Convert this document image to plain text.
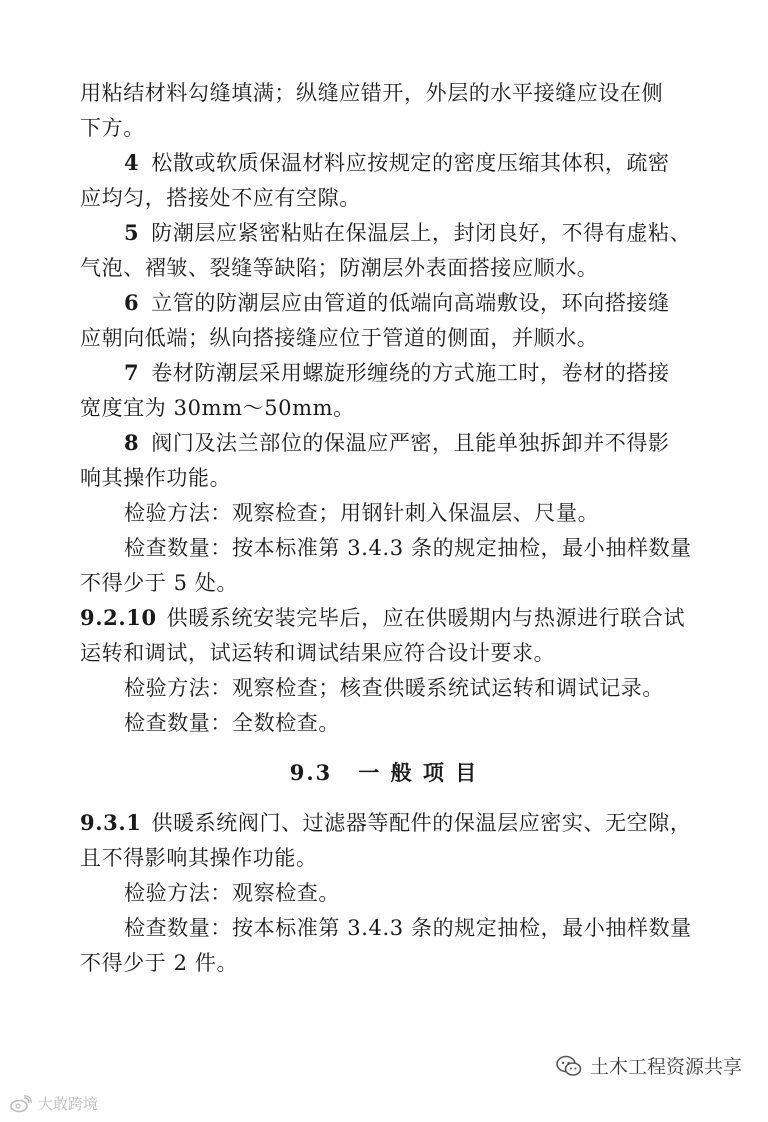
用粘结材料勾缝填满；纵缝应错开，外层的水平接缝应设在侧
下方。
4 松散或软质保温材料应按规定的密度压缩其体积，疏密
应均匀，搭接处不应有空隙。
5 防潮层应紧密粘贴在保温层上，封闭良好，不得有虚粘、
气泡、褶皱、裂缝等缺陷；防潮层外表面搭接应顺水。
6 立管的防潮层应由管道的低端向高端敷设，环向搭接缝
应朝向低端；纵向搭接缝应位于管道的侧面，并顺水。
7 卷材防潮层采用螺旋形缠绕的方式施工时，卷材的搭接
宽度宜为 30mm～50mm。
8 阀门及法兰部位的保温应严密，且能单独拆卸并不得影
响其操作功能。
检验方法：观察检查；用钢针刺入保温层、尺量。
检查数量：按本标准第 3.4.3 条的规定抽检，最小抽样数量
不得少于 5 处。
9.2.10 供暖系统安装完毕后，应在供暖期内与热源进行联合试
运转和调试，试运转和调试结果应符合设计要求。
检验方法：观察检查；核查供暖系统试运转和调试记录。
检查数量：全数检查。
9.3 一 般 项 目
9.3.1 供暖系统阀门、过滤器等配件的保温层应密实、无空隙，
且不得影响其操作功能。
检验方法：观察检查。
检查数量：按本标准第 3.4.3 条的规定抽检，最小抽样数量
不得少于 2 件。
土木工程资源共享
大敢跨境
